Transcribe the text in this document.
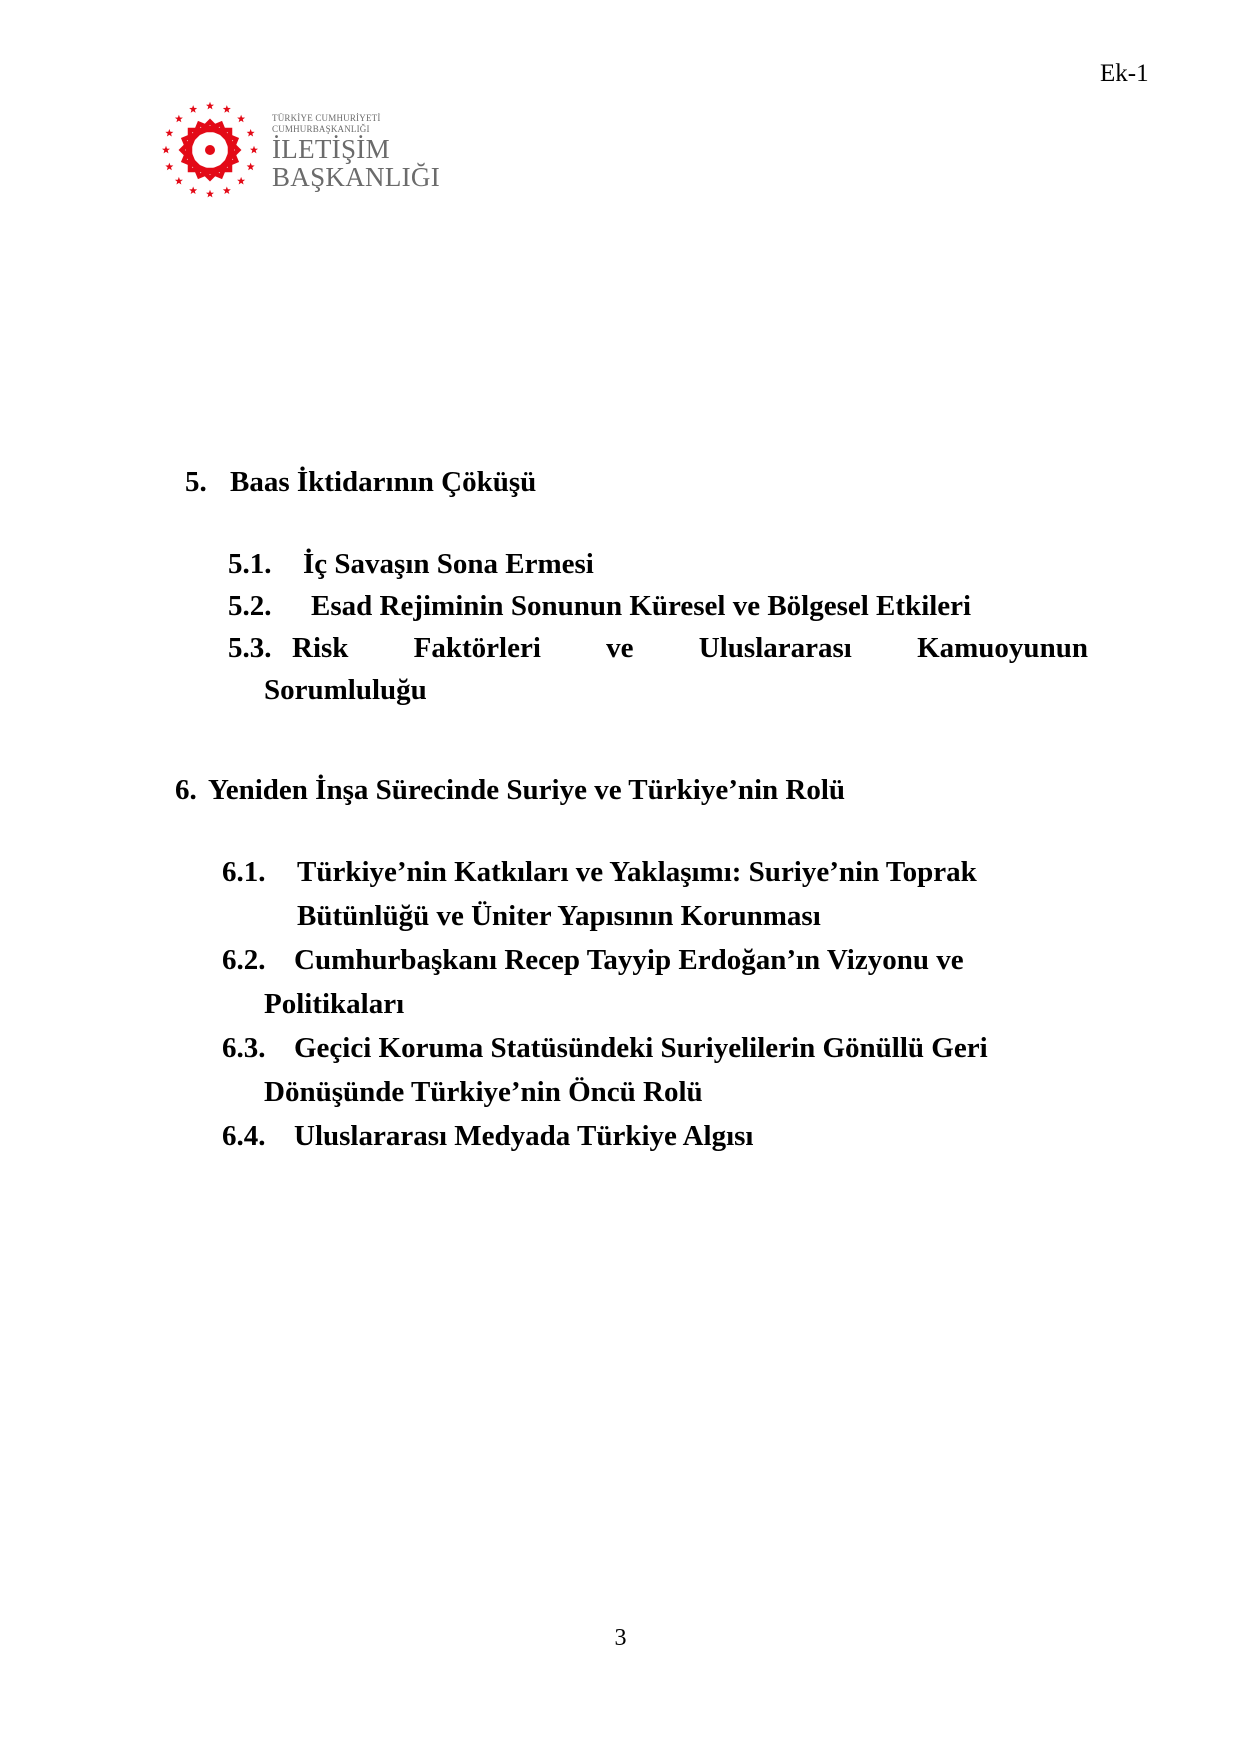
Ek-1
TÜRKİYE CUMHURİYETİ
CUMHURBAŞKANLIĞI
İLETİŞİM
BAŞKANLIĞI
5. Baas İktidarının Çöküşü
5.1. İç Savaşın Sona Ermesi
5.2. Esad Rejiminin Sonunun Küresel ve Bölgesel Etkileri
5.3. Risk Faktörleri ve Uluslararası Kamuoyunun
Sorumluluğu
6. Yeniden İnşa Sürecinde Suriye ve Türkiye’nin Rolü
6.1. Türkiye’nin Katkıları ve Yaklaşımı: Suriye’nin Toprak
Bütünlüğü ve Üniter Yapısının Korunması
6.2. Cumhurbaşkanı Recep Tayyip Erdoğan’ın Vizyonu ve
Politikaları
6.3. Geçici Koruma Statüsündeki Suriyelilerin Gönüllü Geri
Dönüşünde Türkiye’nin Öncü Rolü
6.4. Uluslararası Medyada Türkiye Algısı
3
